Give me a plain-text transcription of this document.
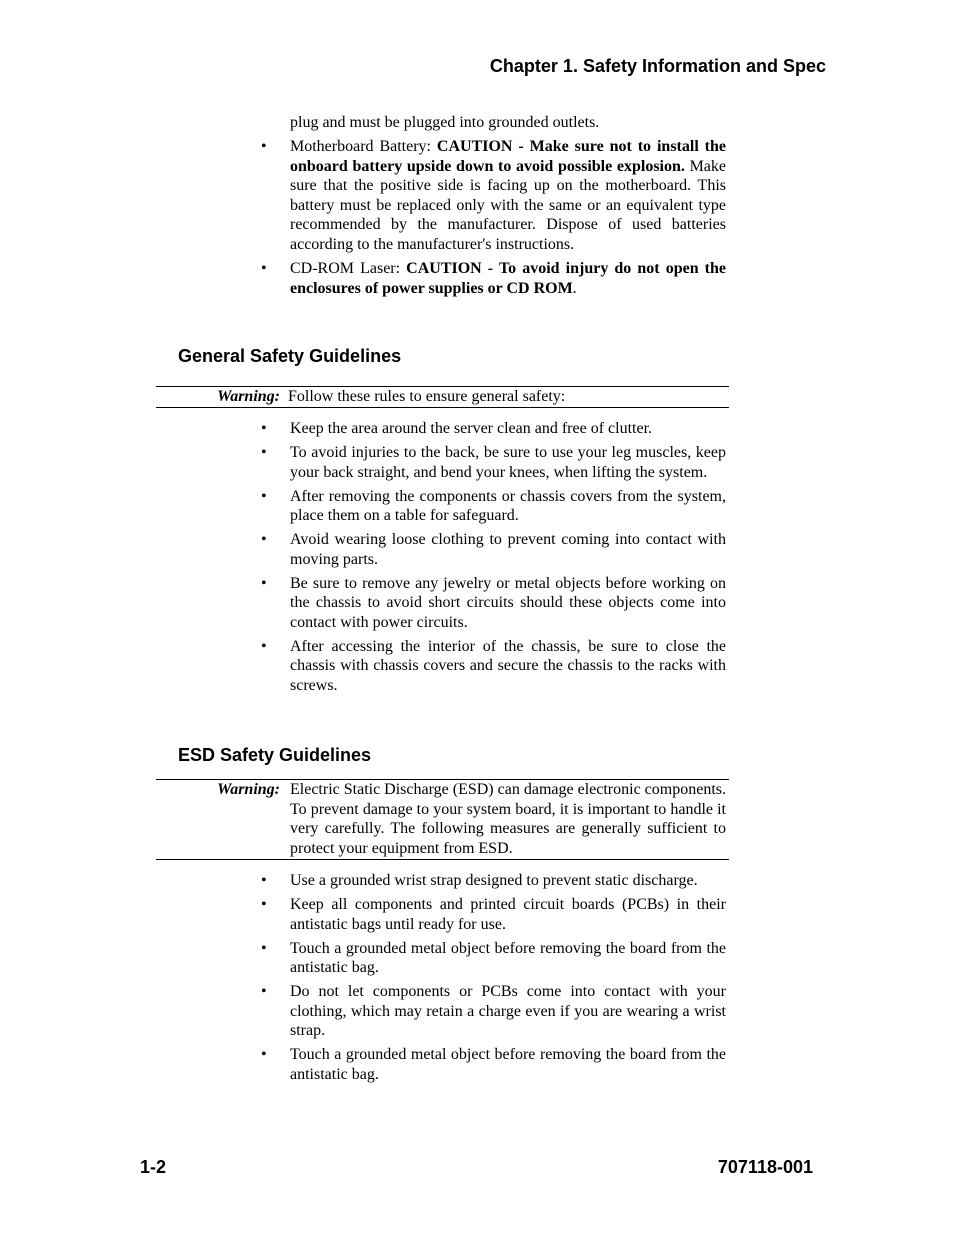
Chapter 1. Safety Information and Spec

plug and must be plugged into grounded outlets.

• Motherboard Battery: CAUTION - Make sure not to install the onboard battery upside down to avoid possible explosion. Make sure that the positive side is facing up on the motherboard. This battery must be replaced only with the same or an equivalent type recommended by the manufacturer. Dispose of used batteries according to the manufacturer's instructions.
• CD-ROM Laser: CAUTION - To avoid injury do not open the enclosures of power supplies or CD ROM.
General Safety Guidelines
Warning: Follow these rules to ensure general safety:
• Keep the area around the server clean and free of clutter.
• To avoid injuries to the back, be sure to use your leg muscles, keep your back straight, and bend your knees, when lifting the system.
• After removing the components or chassis covers from the system, place them on a table for safeguard.
• Avoid wearing loose clothing to prevent coming into contact with moving parts.
• Be sure to remove any jewelry or metal objects before working on the chassis to avoid short circuits should these objects come into contact with power circuits.
• After accessing the interior of the chassis, be sure to close the chassis with chassis covers and secure the chassis to the racks with screws.
ESD Safety Guidelines
Warning: Electric Static Discharge (ESD) can damage electronic components. To prevent damage to your system board, it is important to handle it very carefully. The following measures are generally sufficient to protect your equipment from ESD.
• Use a grounded wrist strap designed to prevent static discharge.
• Keep all components and printed circuit boards (PCBs) in their antistatic bags until ready for use.
• Touch a grounded metal object before removing the board from the antistatic bag.
• Do not let components or PCBs come into contact with your clothing, which may retain a charge even if you are wearing a wrist strap.
• Touch a grounded metal object before removing the board from the antistatic bag.
1-2	707118-001
